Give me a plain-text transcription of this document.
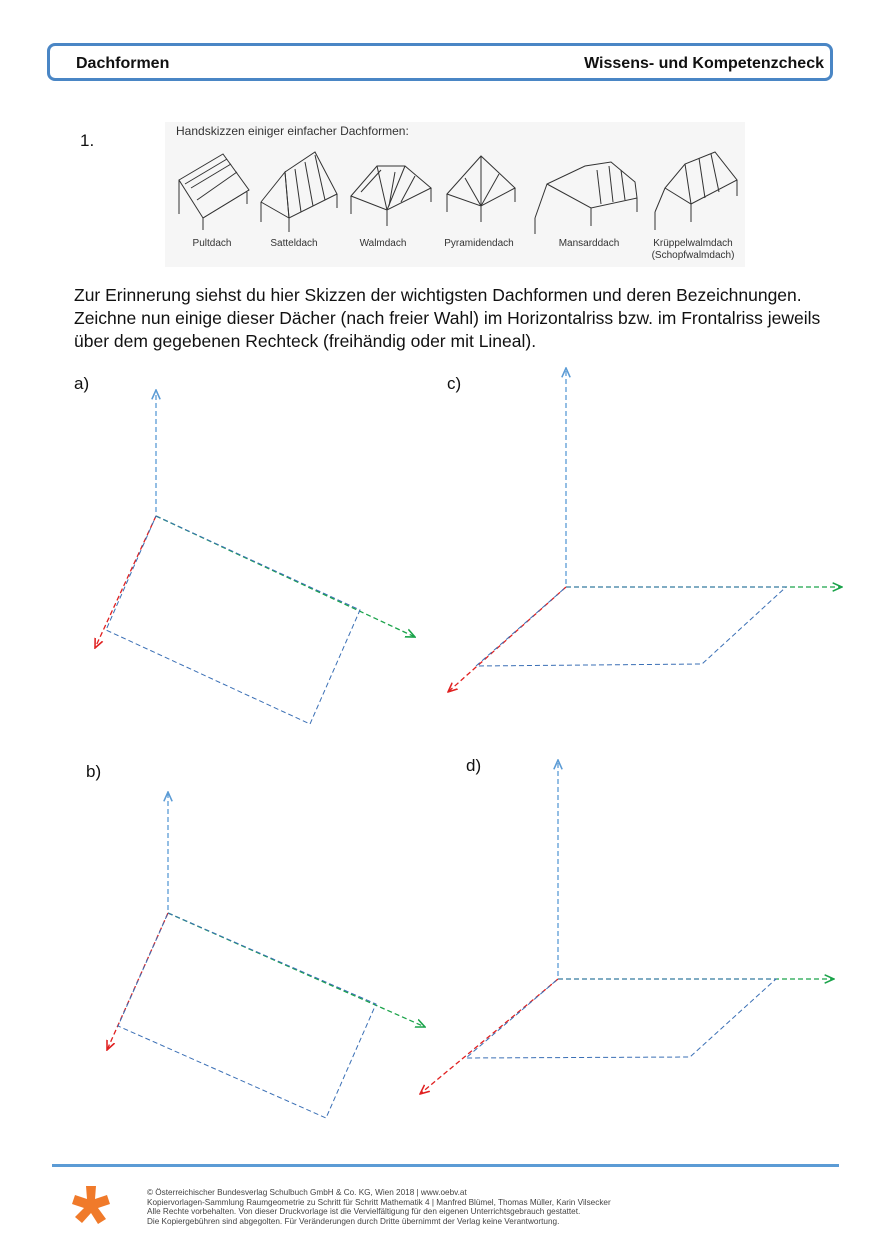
Dachformen	Wissens- und Kompetenzcheck
1.	Handskizzen einiger einfacher Dachformen:
Pultdach	Satteldach	Walmdach	Pyramidendach	Mansarddach	Krüppelwalmdach
(Schopfwalmdach)
Zur Erinnerung siehst du hier Skizzen der wichtigsten Dachformen und deren Bezeichnungen. Zeichne nun einige dieser Dächer (nach freier Wahl) im Horizontalriss bzw. im Frontalriss jeweils über dem gegebenen Rechteck (freihändig oder mit Lineal).
a)
b)
c)
d)
© Österreichischer Bundesverlag Schulbuch GmbH & Co. KG, Wien 2018 | www.oebv.at
Kopiervorlagen-Sammlung Raumgeometrie zu Schritt für Schritt Mathematik 4 | Manfred Blümel, Thomas Müller, Karin Vilsecker
Alle Rechte vorbehalten. Von dieser Druckvorlage ist die Vervielfältigung für den eigenen Unterrichtsgebrauch gestattet.
Die Kopiergebühren sind abgegolten. Für Veränderungen durch Dritte übernimmt der Verlag keine Verantwortung.
